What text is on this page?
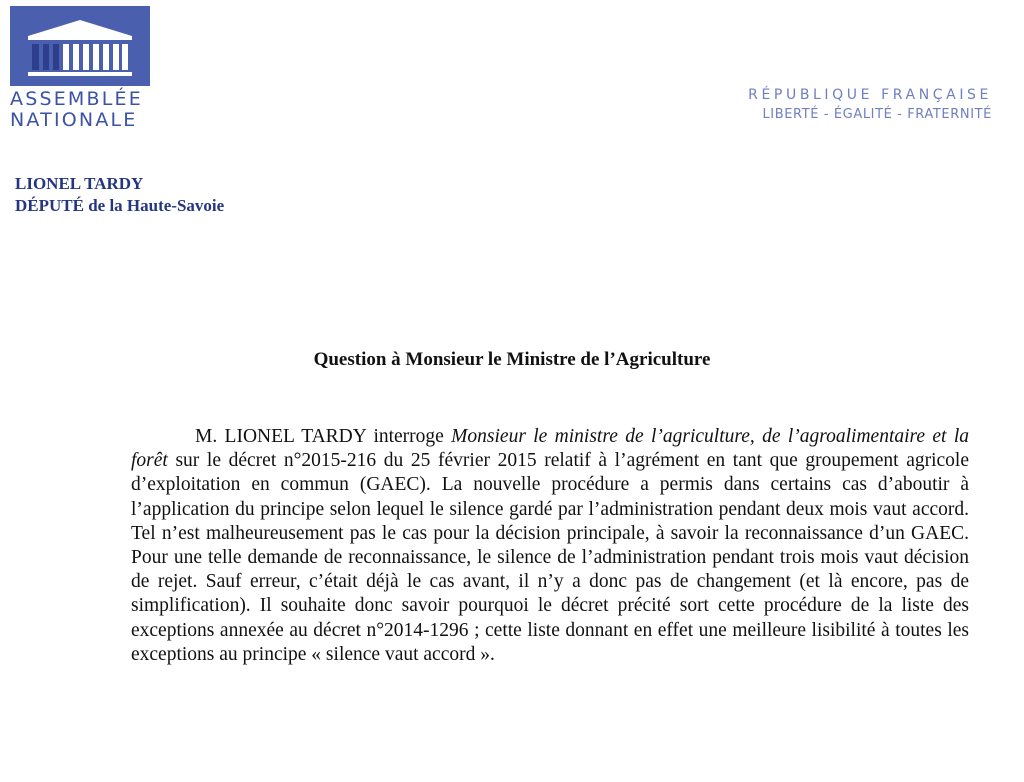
ASSEMBLÉE
NATIONALE
RÉPUBLIQUE FRANÇAISE
LIBERTÉ - ÉGALITÉ - FRATERNITÉ
LIONEL TARDY
DÉPUTÉ de la Haute-Savoie
Question à Monsieur le Ministre de l’Agriculture
M. LIONEL TARDY interroge Monsieur le ministre de l’agriculture, de l’agroalimentaire et la forêt sur le décret n°2015-216 du 25 février 2015 relatif à l’agrément en tant que groupement agricole d’exploitation en commun (GAEC). La nouvelle procédure a permis dans certains cas d’aboutir à l’application du principe selon lequel le silence gardé par l’administration pendant deux mois vaut accord. Tel n’est malheureusement pas le cas pour la décision principale, à savoir la reconnaissance d’un GAEC. Pour une telle demande de reconnaissance, le silence de l’administration pendant trois mois vaut décision de rejet. Sauf erreur, c’était déjà le cas avant, il n’y a donc pas de changement (et là encore, pas de simplification). Il souhaite donc savoir pourquoi le décret précité sort cette procédure de la liste des exceptions annexée au décret n°2014-1296 ; cette liste donnant en effet une meilleure lisibilité à toutes les exceptions au principe « silence vaut accord ».
